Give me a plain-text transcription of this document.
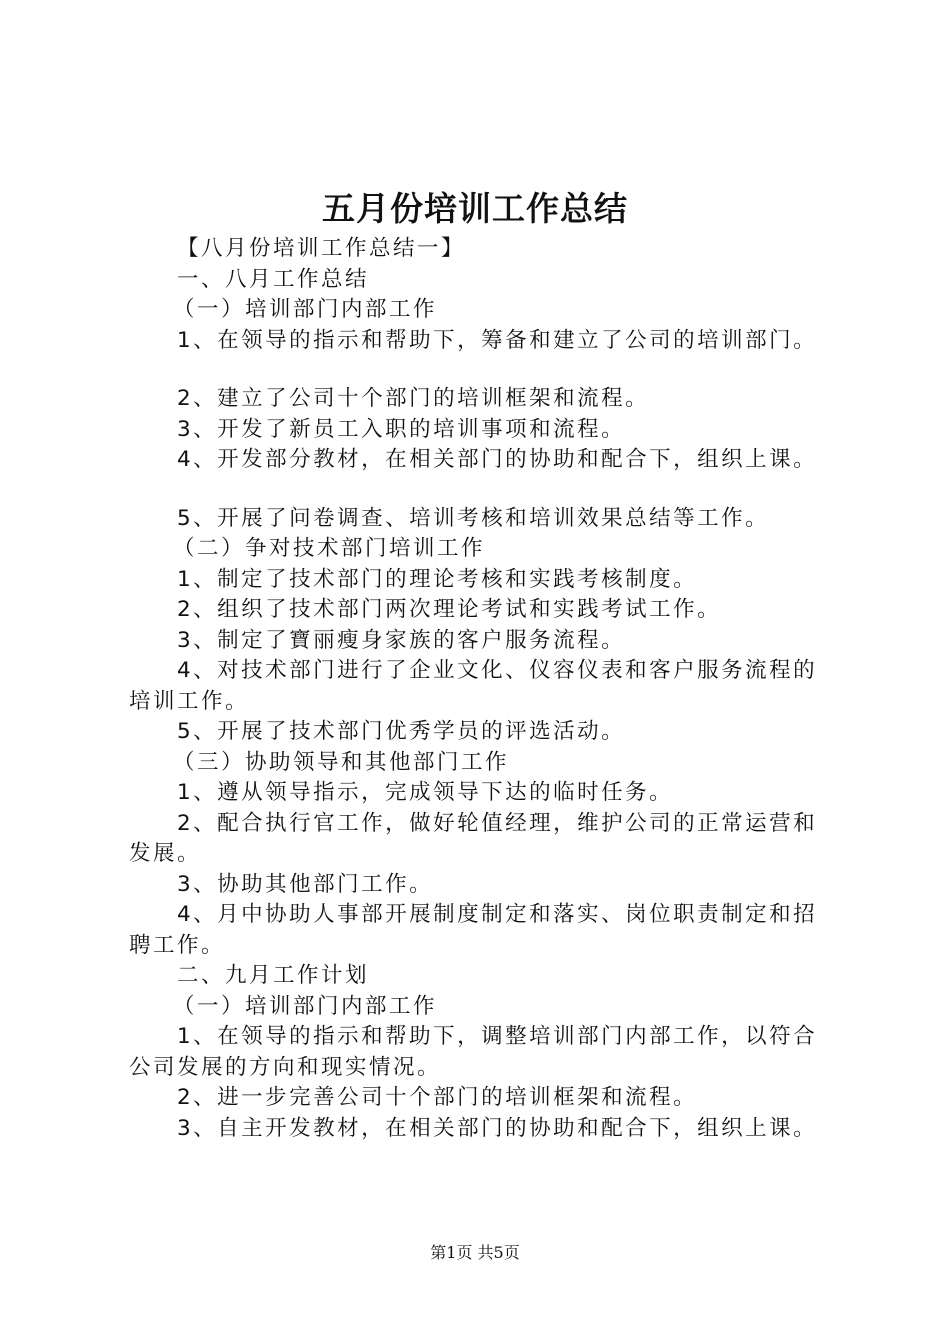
五月份培训工作总结

【八月份培训工作总结一】

一、八月工作总结

（一）培训部门内部工作

1、在领导的指示和帮助下，筹备和建立了公司的培训部门。

2、建立了公司十个部门的培训框架和流程。

3、开发了新员工入职的培训事项和流程。

4、开发部分教材，在相关部门的协助和配合下，组织上课。

5、开展了问卷调查、培训考核和培训效果总结等工作。

（二）争对技术部门培训工作

1、制定了技术部门的理论考核和实践考核制度。

2、组织了技术部门两次理论考试和实践考试工作。

3、制定了寶丽瘦身家族的客户服务流程。

4、对技术部门进行了企业文化、仪容仪表和客户服务流程的培训工作。

5、开展了技术部门优秀学员的评选活动。

（三）协助领导和其他部门工作

1、遵从领导指示，完成领导下达的临时任务。

2、配合执行官工作，做好轮值经理，维护公司的正常运营和发展。

3、协助其他部门工作。

4、月中协助人事部开展制度制定和落实、岗位职责制定和招聘工作。

二、九月工作计划

（一）培训部门内部工作

1、在领导的指示和帮助下，调整培训部门内部工作，以符合公司发展的方向和现实情况。

2、进一步完善公司十个部门的培训框架和流程。

3、自主开发教材，在相关部门的协助和配合下，组织上课。

第1页 共5页
